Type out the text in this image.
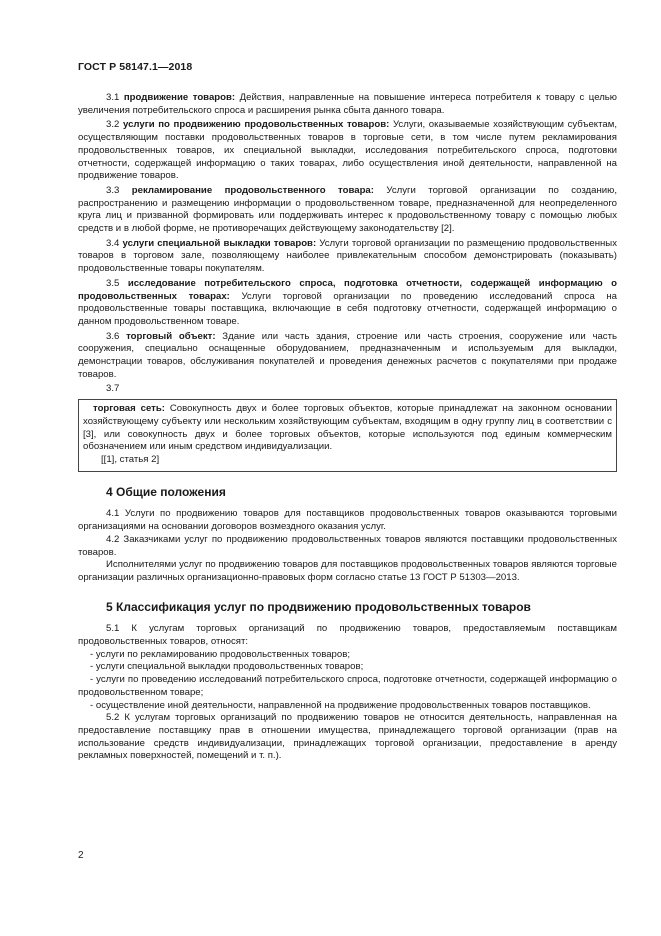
ГОСТ Р 58147.1—2018

3.1 продвижение товаров: Действия, направленные на повышение интереса потребителя к товару с целью увеличения потребительского спроса и расширения рынка сбыта данного товара.

3.2 услуги по продвижению продовольственных товаров: Услуги, оказываемые хозяйствующим субъектам, осуществляющим поставки продовольственных товаров в торговые сети, в том числе путем рекламирования продовольственных товаров, их специальной выкладки, исследования потребительского спроса, подготовки отчетности, содержащей информацию о таких товарах, либо осуществления иной деятельности, направленной на продвижение товаров.

3.3 рекламирование продовольственного товара: Услуги торговой организации по созданию, распространению и размещению информации о продовольственном товаре, предназначенной для неопределенного круга лиц и призванной формировать или поддерживать интерес к продовольственному товару с помощью любых средств и в любой форме, не противоречащих действующему законодательству [2].

3.4 услуги специальной выкладки товаров: Услуги торговой организации по размещению продовольственных товаров в торговом зале, позволяющему наиболее привлекательным способом демонстрировать (показывать) продовольственные товары покупателям.

3.5 исследование потребительского спроса, подготовка отчетности, содержащей информацию о продовольственных товарах: Услуги торговой организации по проведению исследований спроса на продовольственные товары поставщика, включающие в себя подготовку отчетности, содержащей информацию о данном продовольственном товаре.

3.6 торговый объект: Здание или часть здания, строение или часть строения, сооружение или часть сооружения, специально оснащенные оборудованием, предназначенным и используемым для выкладки, демонстрации товаров, обслуживания покупателей и проведения денежных расчетов с покупателями при продаже товаров.

3.7

торговая сеть: Совокупность двух и более торговых объектов, которые принадлежат на законном основании хозяйствующему субъекту или нескольким хозяйствующим субъектам, входящим в одну группу лиц в соответствии с [3], или совокупность двух и более торговых объектов, которые используются под единым коммерческим обозначением или иным средством индивидуализации.

[[1], статья 2]

4 Общие положения

4.1 Услуги по продвижению товаров для поставщиков продовольственных товаров оказываются торговыми организациями на основании договоров возмездного оказания услуг.

4.2 Заказчиками услуг по продвижению продовольственных товаров являются поставщики продовольственных товаров.

Исполнителями услуг по продвижению товаров для поставщиков продовольственных товаров являются торговые организации различных организационно-правовых форм согласно статье 13 ГОСТ Р 51303—2013.

5 Классификация услуг по продвижению продовольственных товаров

5.1 К услугам торговых организаций по продвижению товаров, предоставляемым поставщикам продовольственных товаров, относят:

- услуги по рекламированию продовольственных товаров;

- услуги специальной выкладки продовольственных товаров;

- услуги по проведению исследований потребительского спроса, подготовке отчетности, содержащей информацию о продовольственном товаре;

- осуществление иной деятельности, направленной на продвижение продовольственных товаров поставщиков.

5.2 К услугам торговых организаций по продвижению товаров не относится деятельность, направленная на предоставление поставщику прав в отношении имущества, принадлежащего торговой организации (прав на использование средств индивидуализации, принадлежащих торговой организации, предоставление в аренду рекламных поверхностей, помещений и т. п.).

2
